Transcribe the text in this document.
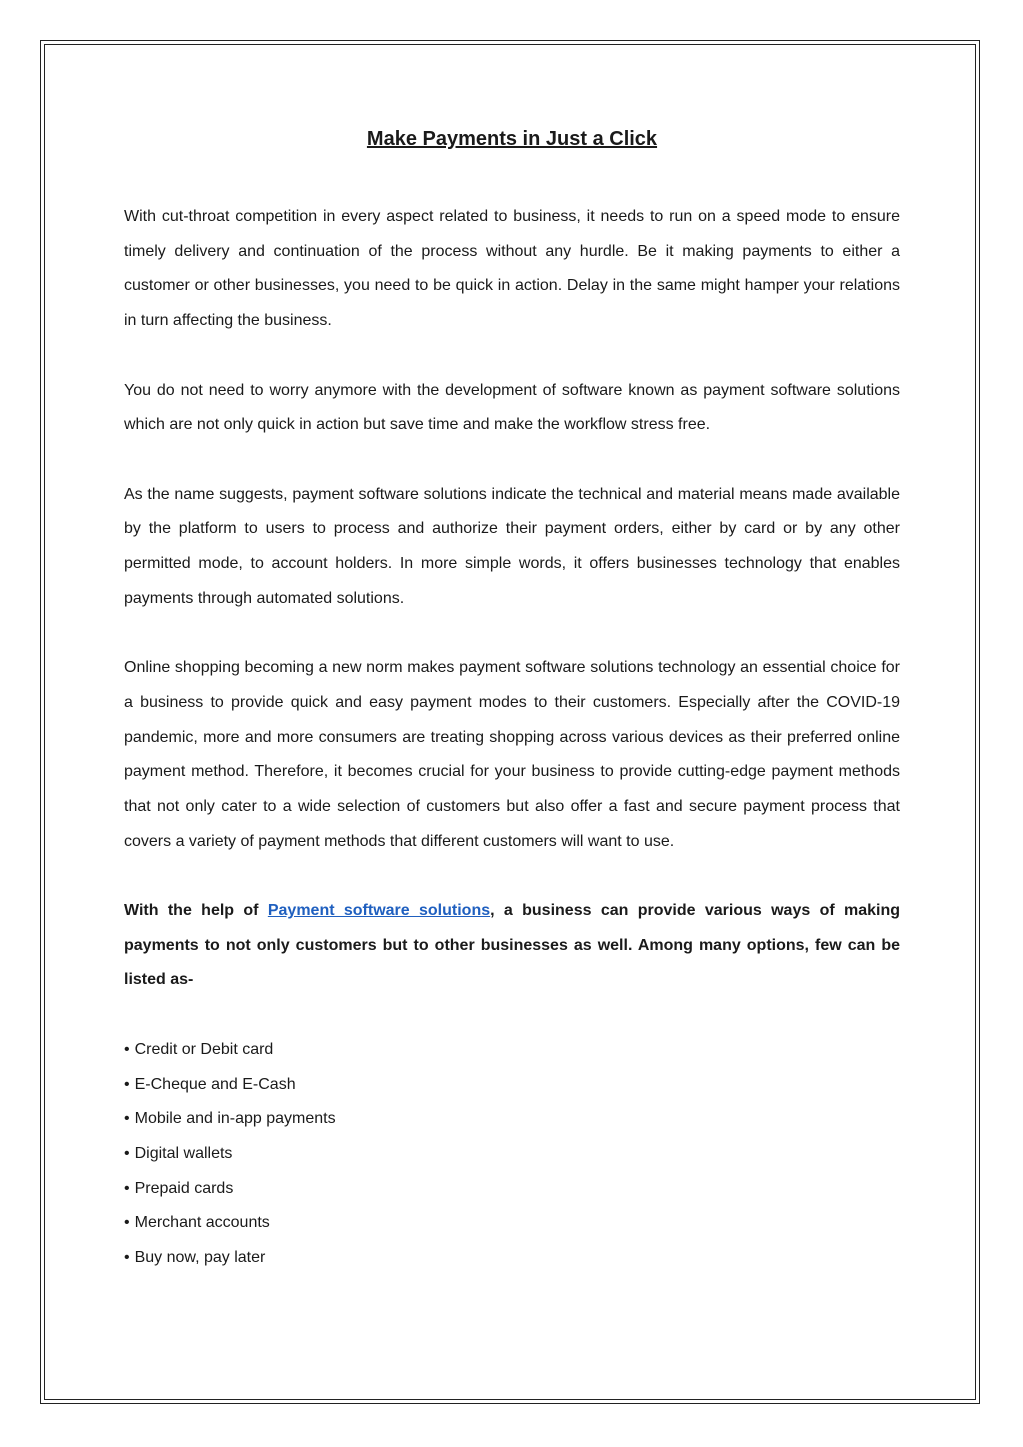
Make Payments in Just a Click

With cut-throat competition in every aspect related to business, it needs to run on a speed mode to ensure timely delivery and continuation of the process without any hurdle. Be it making payments to either a customer or other businesses, you need to be quick in action. Delay in the same might hamper your relations in turn affecting the business.

You do not need to worry anymore with the development of software known as payment software solutions which are not only quick in action but save time and make the workflow stress free.

As the name suggests, payment software solutions indicate the technical and material means made available by the platform to users to process and authorize their payment orders, either by card or by any other permitted mode, to account holders. In more simple words, it offers businesses technology that enables payments through automated solutions.

Online shopping becoming a new norm makes payment software solutions technology an essential choice for a business to provide quick and easy payment modes to their customers. Especially after the COVID-19 pandemic, more and more consumers are treating shopping across various devices as their preferred online payment method. Therefore, it becomes crucial for your business to provide cutting-edge payment methods that not only cater to a wide selection of customers but also offer a fast and secure payment process that covers a variety of payment methods that different customers will want to use.

With the help of Payment software solutions, a business can provide various ways of making payments to not only customers but to other businesses as well. Among many options, few can be listed as-

• Credit or Debit card
• E-Cheque and E-Cash
• Mobile and in-app payments
• Digital wallets
• Prepaid cards
• Merchant accounts
• Buy now, pay later
